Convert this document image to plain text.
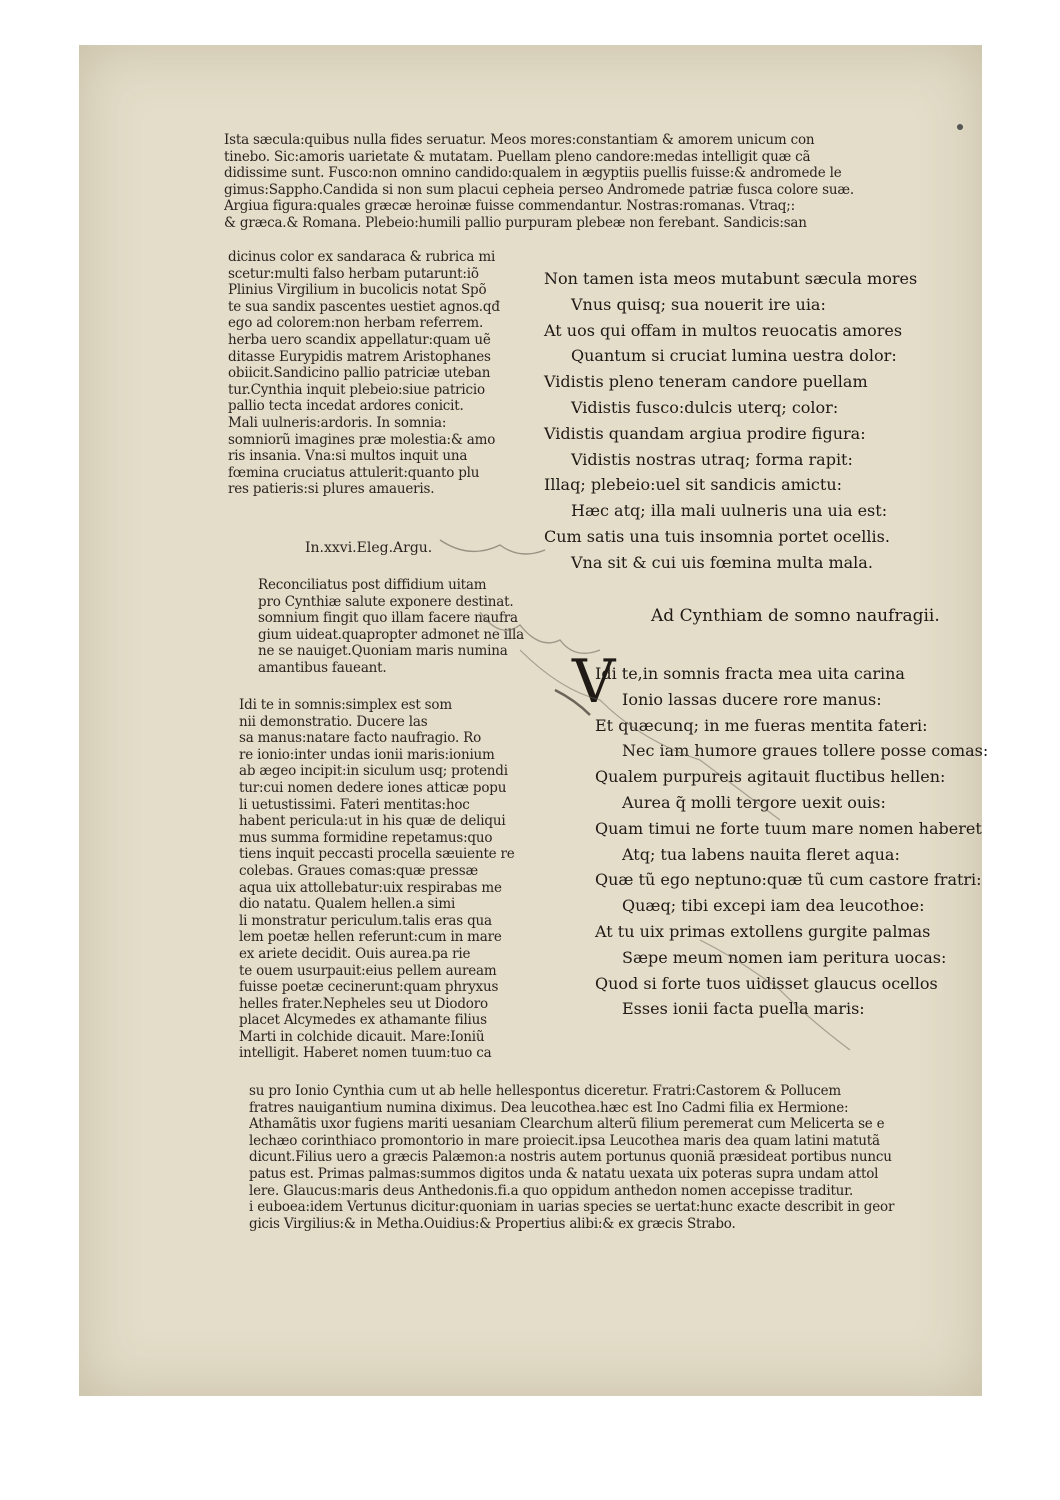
Ista sæcula:quibus nulla fides seruatur. Meos mores:constantiam & amorem unicum con
tinebo. Sic:amoris uarietate & mutatam. Puellam pleno candore:medas intelligit quæ cã
didissime sunt. Fusco:non omnino candido:qualem in ægyptiis puellis fuisse:& andromede le
gimus:Sappho.Candida si non sum placui cepheia perseo Andromede patriæ fusca colore suæ.
Argiua figura:quales græcæ heroinæ fuisse commendantur. Nostras:romanas. Vtraq;:
& græca.& Romana. Plebeio:humili pallio purpuram plebeæ non ferebant. Sandicis:san
dicinus color ex sandaraca & rubrica mi
scetur:multi falso herbam putarunt:iõ
Plinius Virgilium in bucolicis notat Spõ
te sua sandix pascentes uestiet agnos.qđ
ego ad colorem:non herbam referrem.
herba uero scandix appellatur:quam uẽ
ditasse Eurypidis matrem Aristophanes
obiicit.Sandicino pallio patriciæ uteban
tur.Cynthia inquit plebeio:siue patricio
pallio tecta incedat ardores conicit.
Mali uulneris:ardoris. In somnia:
somniorũ imagines præ molestia:& amo
ris insania. Vna:si multos inquit una
fœmina cruciatus attulerit:quanto plu
res patieris:si plures amaueris.
In.xxvi.Eleg.Argu.
Reconciliatus post diffidium uitam
pro Cynthiæ salute exponere destinat.
somnium fingit quo illam facere naufra
gium uideat.quapropter admonet ne illa
ne se nauiget.Quoniam maris numina
amantibus faueant.
Idi te in somnis:simplex est som
nii demonstratio. Ducere las
sa manus:natare facto naufragio. Ro
re ionio:inter undas ionii maris:ionium
ab ægeo incipit:in siculum usq; protendi
tur:cui nomen dedere iones atticæ popu
li uetustissimi. Fateri mentitas:hoc
habent pericula:ut in his quæ de deliqui
mus summa formidine repetamus:quo
tiens inquit peccasti procella sæuiente re
colebas. Graues comas:quæ pressæ
aqua uix attollebatur:uix respirabas me
dio natatu. Qualem hellen.a simi
li monstratur periculum.talis eras qua
lem poetæ hellen referunt:cum in mare
ex ariete decidit. Ouis aurea.pa rie
te ouem usurpauit:eius pellem auream
fuisse poetæ cecinerunt:quam phryxus
helles frater.Nepheles seu ut Diodoro
placet Alcymedes ex athamante filius
Marti in colchide dicauit. Mare:Ioniũ
intelligit. Haberet nomen tuum:tuo ca
Non tamen ista meos mutabunt sæcula mores
Vnus quisq; sua nouerit ire uia:
At uos qui offam in multos reuocatis amores
Quantum si cruciat lumina uestra dolor:
Vidistis pleno teneram candore puellam
Vidistis fusco:dulcis uterq; color:
Vidistis quandam argiua prodire figura:
Vidistis nostras utraq; forma rapit:
Illaq; plebeio:uel sit sandicis amictu:
Hæc atq; illa mali uulneris una uia est:
Cum satis una tuis insomnia portet ocellis.
Vna sit & cui uis fœmina multa mala.
Ad Cynthiam de somno naufragii.
V
Idi te,in somnis fracta mea uita carina
Ionio lassas ducere rore manus:
Et quæcunq; in me fueras mentita fateri:
Nec iam humore graues tollere posse comas:
Qualem purpureis agitauit fluctibus hellen:
Aurea q̃ molli tergore uexit ouis:
Quam timui ne forte tuum mare nomen haberet
Atq; tua labens nauita fleret aqua:
Quæ tũ ego neptuno:quæ tũ cum castore fratri:
Quæq; tibi excepi iam dea leucothoe:
At tu uix primas extollens gurgite palmas
Sæpe meum nomen iam peritura uocas:
Quod si forte tuos uidisset glaucus ocellos
Esses ionii facta puella maris:
su pro Ionio Cynthia cum ut ab helle hellespontus diceretur. Fratri:Castorem & Pollucem
fratres nauigantium numina diximus. Dea leucothea.hæc est Ino Cadmi filia ex Hermione:
Athamãtis uxor fugiens mariti uesaniam Clearchum alterũ filium peremerat cum Melicerta se e
lechæo corinthiaco promontorio in mare proiecit.ipsa Leucothea maris dea quam latini matutã
dicunt.Filius uero a græcis Palæmon:a nostris autem portunus quoniã præsideat portibus nuncu
patus est. Primas palmas:summos digitos unda & natatu uexata uix poteras supra undam attol
lere. Glaucus:maris deus Anthedonis.fi.a quo oppidum anthedon nomen accepisse traditur.
i euboea:idem Vertunus dicitur:quoniam in uarias species se uertat:hunc exacte describit in geor
gicis Virgilius:& in Metha.Ouidius:& Propertius alibi:& ex græcis Strabo.
